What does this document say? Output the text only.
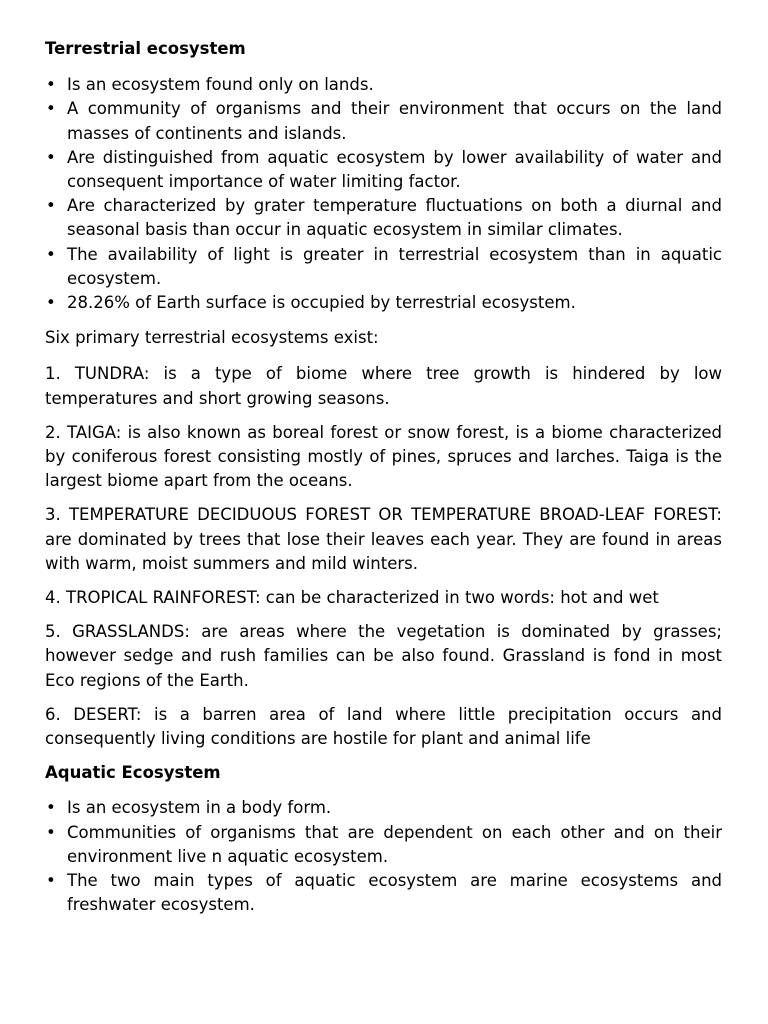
Terrestrial ecosystem
• Is an ecosystem found only on lands.
• A community of organisms and their environment that occurs on the land masses of continents and islands.
• Are distinguished from aquatic ecosystem by lower availability of water and consequent importance of water limiting factor.
• Are characterized by grater temperature fluctuations on both a diurnal and seasonal basis than occur in aquatic ecosystem in similar climates.
• The availability of light is greater in terrestrial ecosystem than in aquatic ecosystem.
• 28.26% of Earth surface is occupied by terrestrial ecosystem.

Six primary terrestrial ecosystems exist:

1. TUNDRA: is a type of biome where tree growth is hindered by low temperatures and short growing seasons.

2. TAIGA: is also known as boreal forest or snow forest, is a biome characterized by coniferous forest consisting mostly of pines, spruces and larches. Taiga is the largest biome apart from the oceans.

3. TEMPERATURE DECIDUOUS FOREST OR TEMPERATURE BROAD-LEAF FOREST: are dominated by trees that lose their leaves each year. They are found in areas with warm, moist summers and mild winters.

4. TROPICAL RAINFOREST: can be characterized in two words: hot and wet

5. GRASSLANDS: are areas where the vegetation is dominated by grasses; however sedge and rush families can be also found. Grassland is fond in most Eco regions of the Earth.

6. DESERT: is a barren area of land where little precipitation occurs and consequently living conditions are hostile for plant and animal life

Aquatic Ecosystem
• Is an ecosystem in a body form.
• Communities of organisms that are dependent on each other and on their environment live n aquatic ecosystem.
• The two main types of aquatic ecosystem are marine ecosystems and freshwater ecosystem.
